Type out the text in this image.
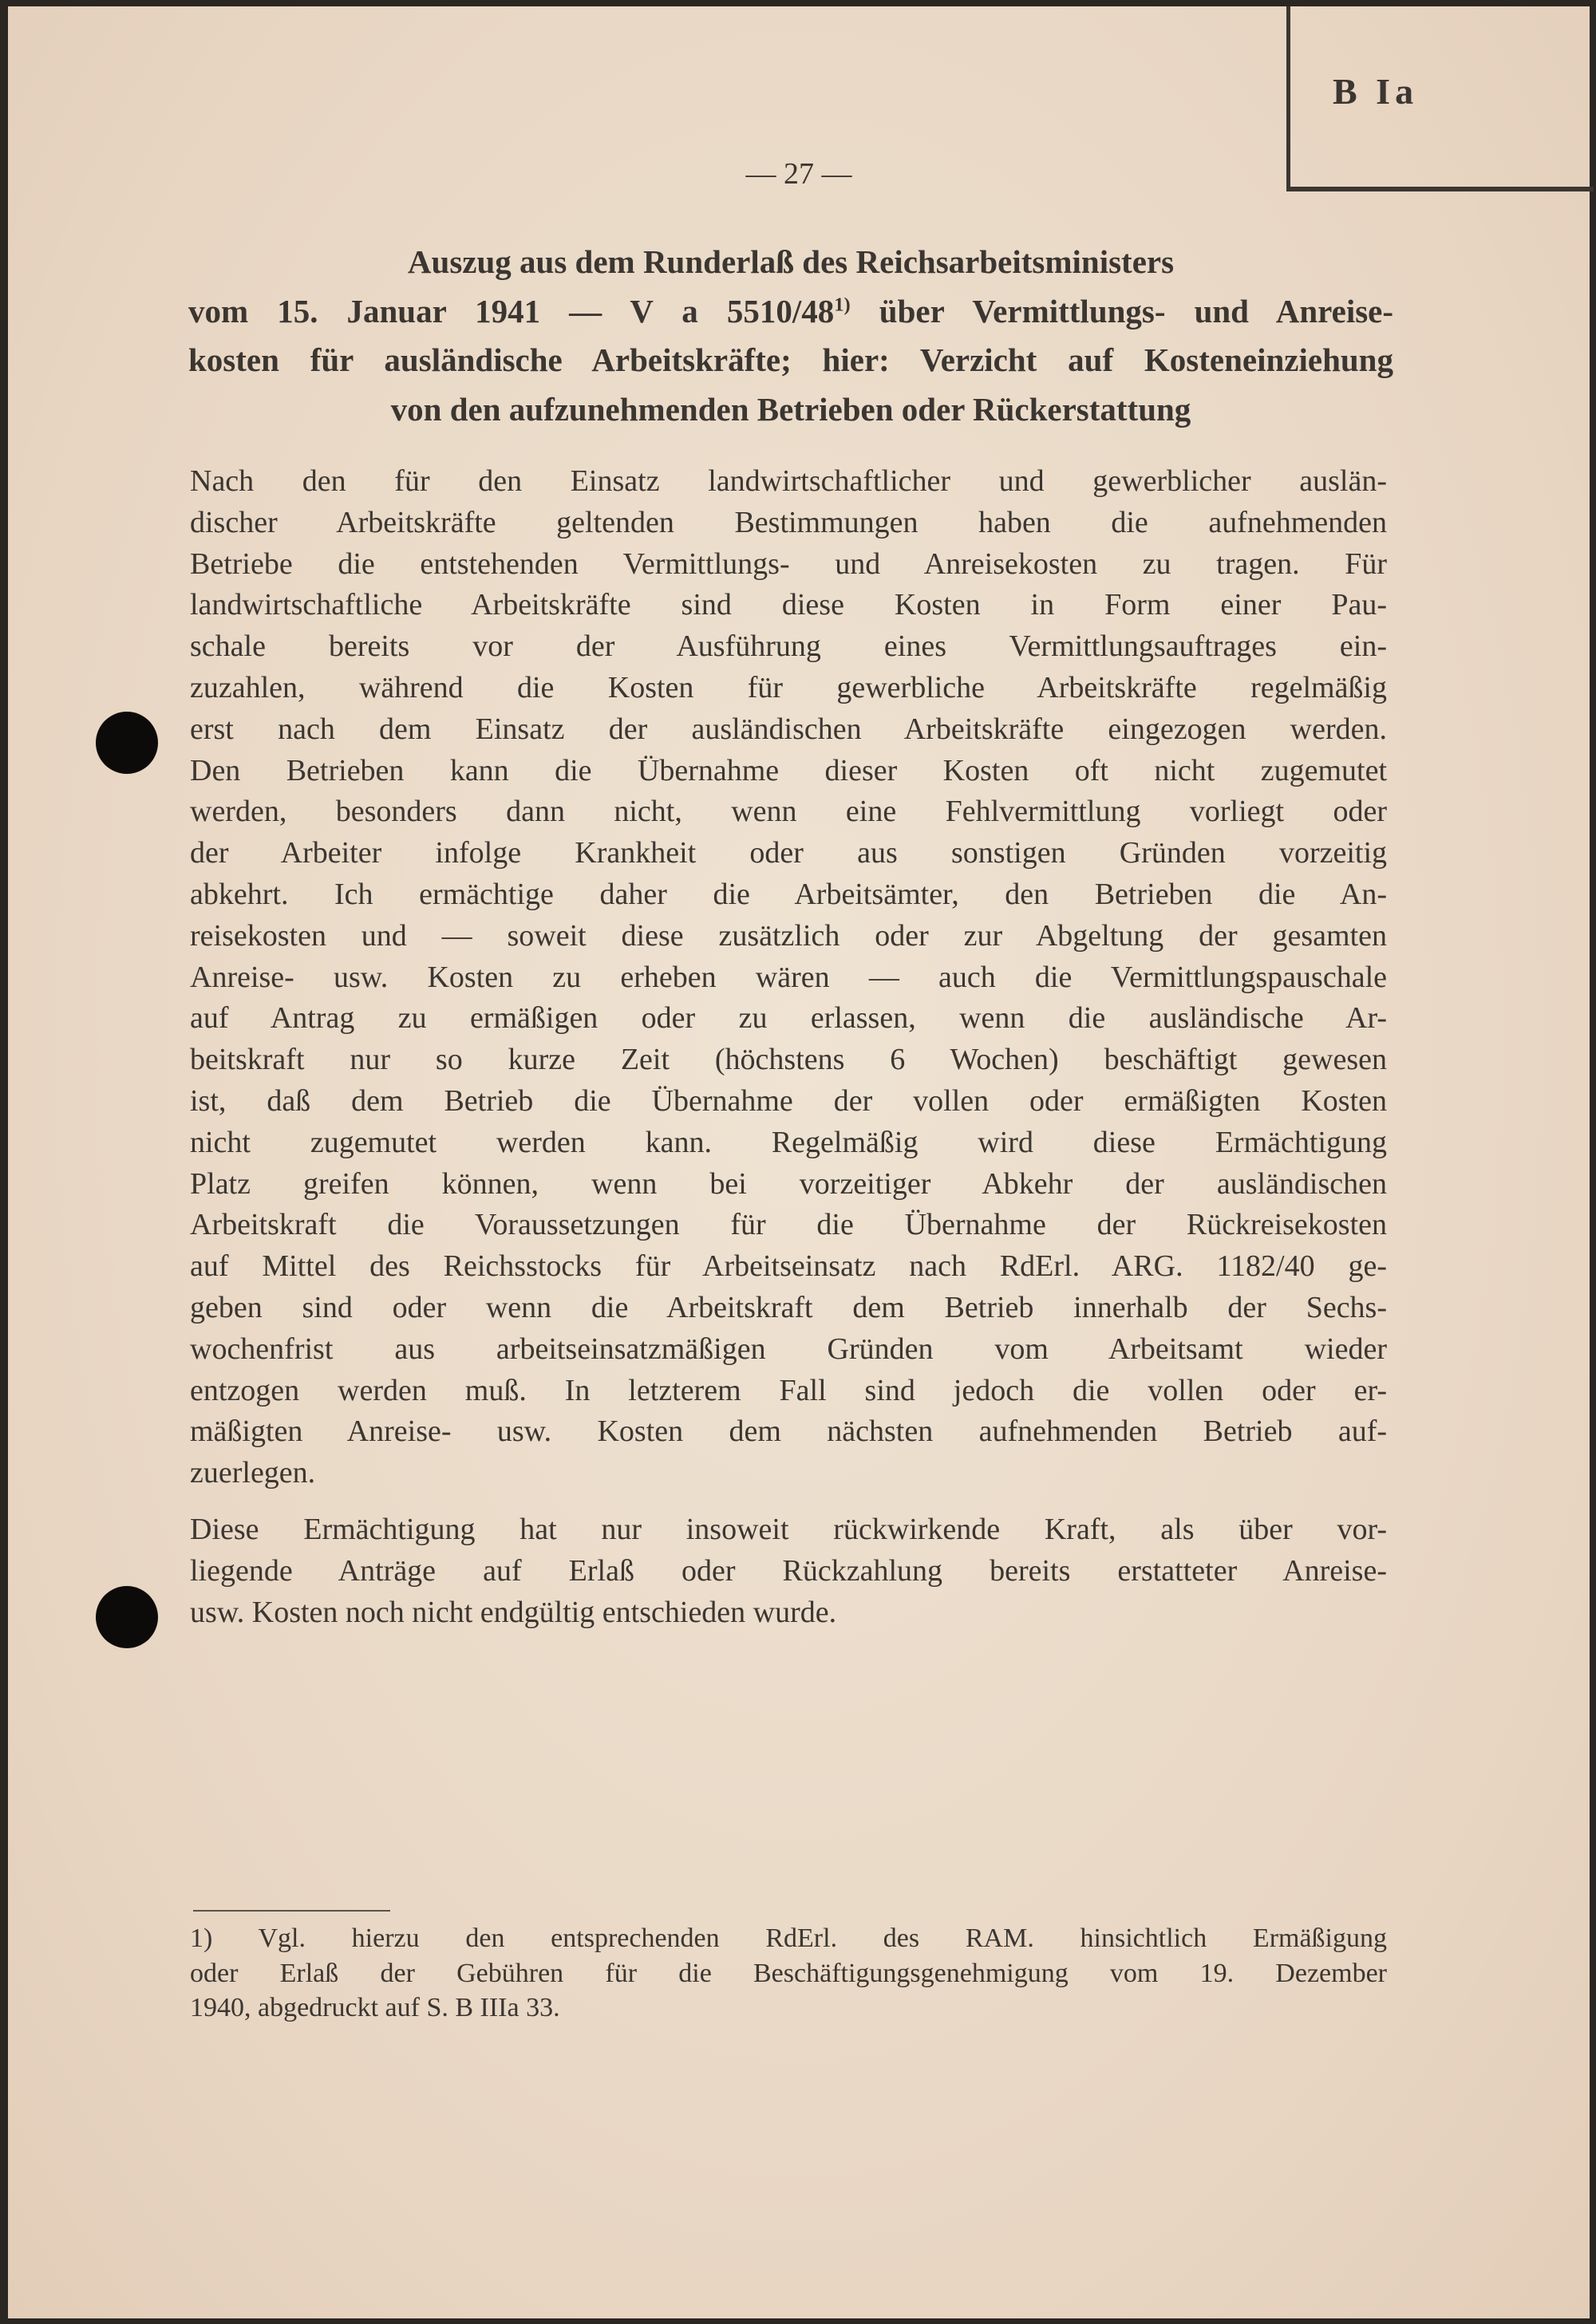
B Ia
— 27 —
Auszug aus dem Runderlaß des Reichsarbeitsministers
vom 15. Januar 1941 — V a 5510/48$^{1)}$ über Vermittlungs- und Anreise-
kosten für ausländische Arbeitskräfte; hier: Verzicht auf Kosteneinziehung
von den aufzunehmenden Betrieben oder Rückerstattung
Nach den für den Einsatz landwirtschaftlicher und gewerblicher auslän-
discher Arbeitskräfte geltenden Bestimmungen haben die aufnehmenden
Betriebe die entstehenden Vermittlungs- und Anreisekosten zu tragen. Für
landwirtschaftliche Arbeitskräfte sind diese Kosten in Form einer Pau-
schale bereits vor der Ausführung eines Vermittlungsauftrages ein-
zuzahlen, während die Kosten für gewerbliche Arbeitskräfte regelmäßig
erst nach dem Einsatz der ausländischen Arbeitskräfte eingezogen werden.
Den Betrieben kann die Übernahme dieser Kosten oft nicht zugemutet
werden, besonders dann nicht, wenn eine Fehlvermittlung vorliegt oder
der Arbeiter infolge Krankheit oder aus sonstigen Gründen vorzeitig
abkehrt. Ich ermächtige daher die Arbeitsämter, den Betrieben die An-
reisekosten und — soweit diese zusätzlich oder zur Abgeltung der gesamten
Anreise- usw. Kosten zu erheben wären — auch die Vermittlungspauschale
auf Antrag zu ermäßigen oder zu erlassen, wenn die ausländische Ar-
beitskraft nur so kurze Zeit (höchstens 6 Wochen) beschäftigt gewesen
ist, daß dem Betrieb die Übernahme der vollen oder ermäßigten Kosten
nicht zugemutet werden kann. Regelmäßig wird diese Ermächtigung
Platz greifen können, wenn bei vorzeitiger Abkehr der ausländischen
Arbeitskraft die Voraussetzungen für die Übernahme der Rückreisekosten
auf Mittel des Reichsstocks für Arbeitseinsatz nach RdErl. ARG. 1182/40 ge-
geben sind oder wenn die Arbeitskraft dem Betrieb innerhalb der Sechs-
wochenfrist aus arbeitseinsatzmäßigen Gründen vom Arbeitsamt wieder
entzogen werden muß. In letzterem Fall sind jedoch die vollen oder er-
mäßigten Anreise- usw. Kosten dem nächsten aufnehmenden Betrieb auf-
zuerlegen.
Diese Ermächtigung hat nur insoweit rückwirkende Kraft, als über vor-
liegende Anträge auf Erlaß oder Rückzahlung bereits erstatteter Anreise-
usw. Kosten noch nicht endgültig entschieden wurde.
1) Vgl. hierzu den entsprechenden RdErl. des RAM. hinsichtlich Ermäßigung
oder Erlaß der Gebühren für die Beschäftigungsgenehmigung vom 19. Dezember
1940, abgedruckt auf S. B IIIa 33.
